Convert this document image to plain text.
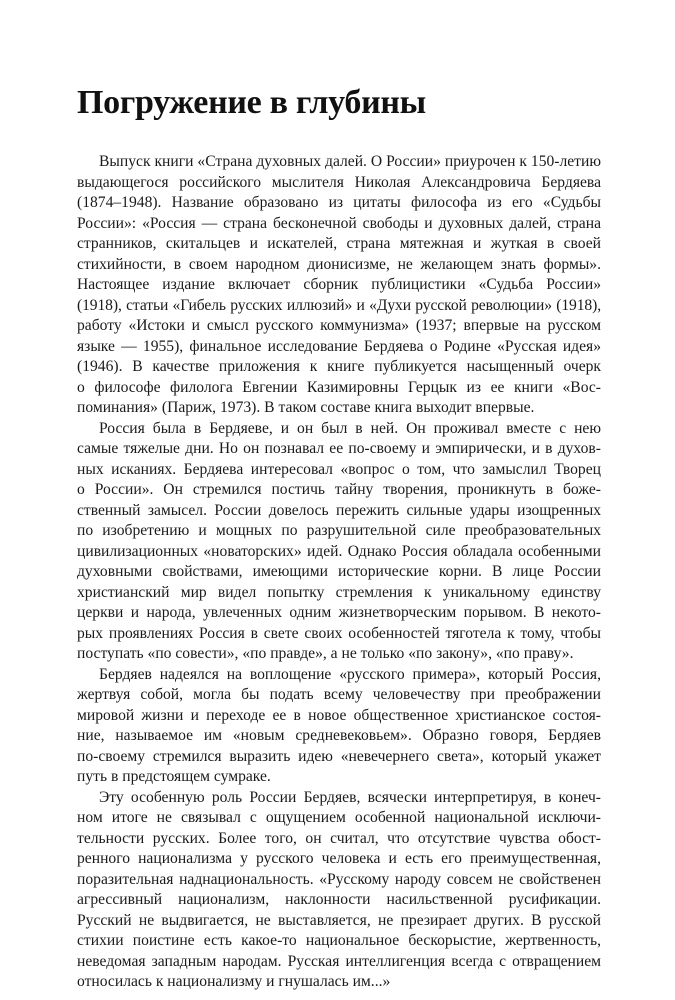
Погружение в глубины
Выпуск книги «Страна духовных далей. О России» приурочен к 150-летию
выдающегося российского мыслителя Николая Александровича Бердяева
(1874–1948). Название образовано из цитаты философа из его «Судьбы
России»: «Россия — страна бесконечной свободы и духовных далей, страна
странников, скитальцев и искателей, страна мятежная и жуткая в своей
стихийности, в своем народном дионисизме, не желающем знать формы».
Настоящее издание включает сборник публицистики «Судьба России»
(1918), статьи «Гибель русских иллюзий» и «Духи русской революции» (1918),
работу «Истоки и смысл русского коммунизма» (1937; впервые на русском
языке — 1955), финальное исследование Бердяева о Родине «Русская идея»
(1946). В качестве приложения к книге публикуется насыщенный очерк
о философе филолога Евгении Казимировны Герцык из ее книги «Вос-
поминания» (Париж, 1973). В таком составе книга выходит впервые.
Россия была в Бердяеве, и он был в ней. Он проживал вместе с нею
самые тяжелые дни. Но он познавал ее по-своему и эмпирически, и в духов-
ных исканиях. Бердяева интересовал «вопрос о том, что замыслил Творец
о России». Он стремился постичь тайну творения, проникнуть в боже-
ственный замысел. России довелось пережить сильные удары изощренных
по изобретению и мощных по разрушительной силе преобразовательных
цивилизационных «новаторских» идей. Однако Россия обладала особенными
духовными свойствами, имеющими исторические корни. В лице России
христианский мир видел попытку стремления к уникальному единству
церкви и народа, увлеченных одним жизнетворческим порывом. В некото-
рых проявлениях Россия в свете своих особенностей тяготела к тому, чтобы
поступать «по совести», «по правде», а не только «по закону», «по праву».
Бердяев надеялся на воплощение «русского примера», который Россия,
жертвуя собой, могла бы подать всему человечеству при преображении
мировой жизни и переходе ее в новое общественное христианское состоя-
ние, называемое им «новым средневековьем». Образно говоря, Бердяев
по-своему стремился выразить идею «невечернего света», который укажет
путь в предстоящем сумраке.
Эту особенную роль России Бердяев, всячески интерпретируя, в конеч-
ном итоге не связывал с ощущением особенной национальной исключи-
тельности русских. Более того, он считал, что отсутствие чувства обост-
ренного национализма у русского человека и есть его преимущественная,
поразительная наднациональность. «Русскому народу совсем не свойственен
агрессивный национализм, наклонности насильственной русификации.
Русский не выдвигается, не выставляется, не презирает других. В русской
стихии поистине есть какое-то национальное бескорыстие, жертвенность,
неведомая западным народам. Русская интеллигенция всегда с отвращением
относилась к национализму и гнушалась им...»
